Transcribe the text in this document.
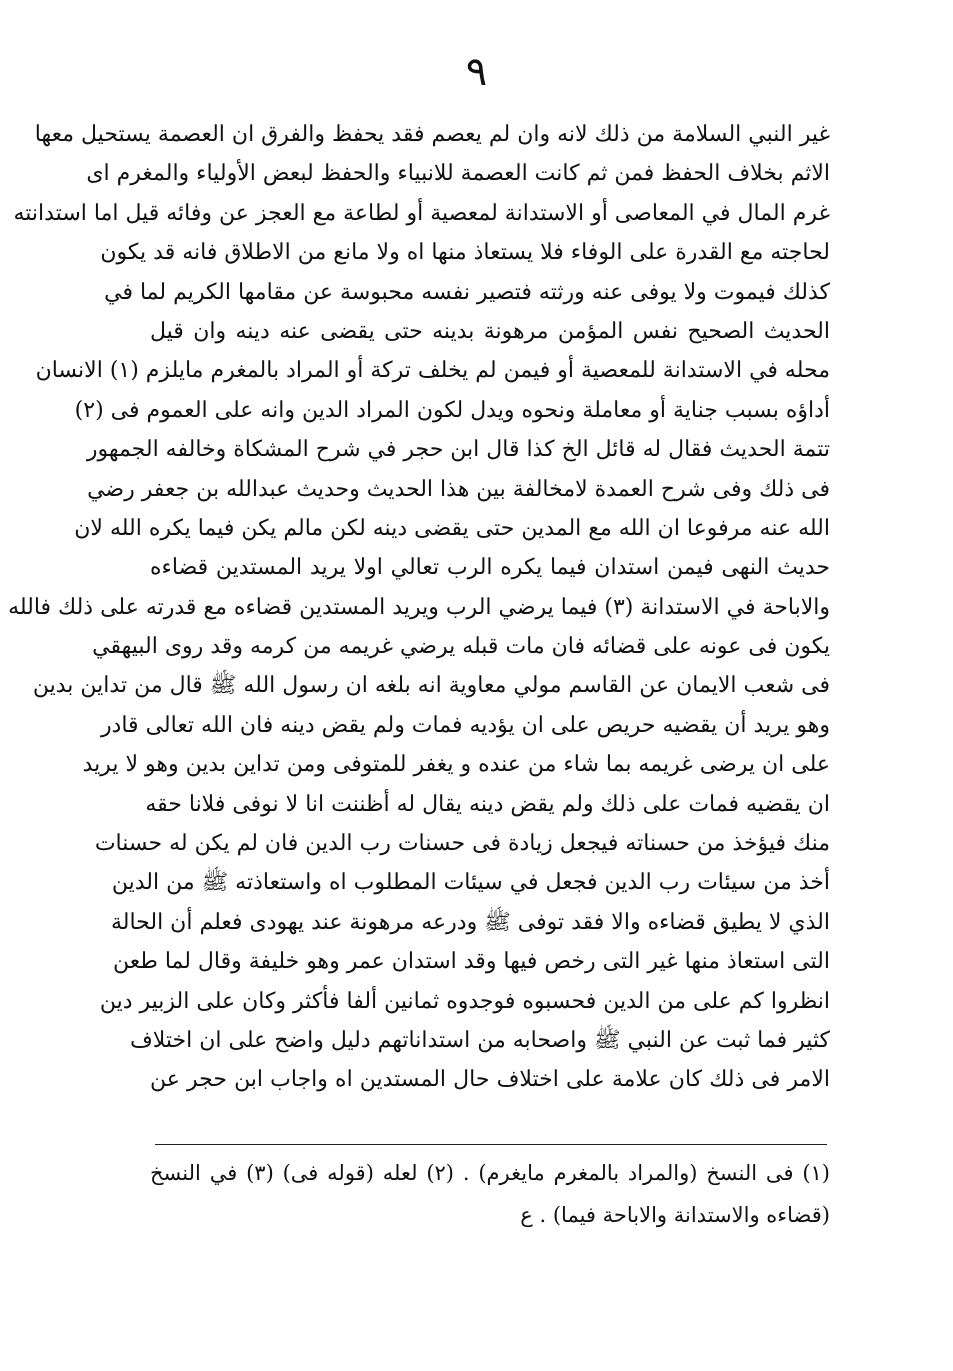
٩
غير النبي السلامة من ذلك لانه وان لم يعصم فقد يحفظ والفرق ان العصمة يستحيل معها
الاثم بخلاف الحفظ فمن ثم كانت العصمة للانبياء والحفظ لبعض الأولياء والمغرم اى
غرم المال في المعاصى أو الاستدانة لمعصية أو لطاعة مع العجز عن وفائه قيل اما استدانته
لحاجته مع القدرة على الوفاء فلا يستعاذ منها اه ولا مانع من الاطلاق فانه قد يكون
كذلك فيموت ولا يوفى عنه ورثته فتصير نفسه محبوسة عن مقامها الكريم لما في
الحديث الصحيح نفس المؤمن مرهونة بدينه حتى يقضى عنه دينه وان قيل
محله في الاستدانة للمعصية أو فيمن لم يخلف تركة أو المراد بالمغرم مايلزم (١) الانسان
أداؤه بسبب جناية أو معاملة ونحوه ويدل لكون المراد الدين وانه على العموم فى (٢)
تتمة الحديث فقال له قائل الخ كذا قال ابن حجر في شرح المشكاة وخالفه الجمهور
فى ذلك وفى شرح العمدة لامخالفة بين هذا الحديث وحديث عبدالله بن جعفر رضي
الله عنه مرفوعا ان الله مع المدين حتى يقضى دينه لكن مالم يكن فيما يكره الله لان
حديث النهى فيمن استدان فيما يكره الرب تعالي اولا يريد المستدين قضاءه
والاباحة في الاستدانة (٣) فيما يرضي الرب ويريد المستدين قضاءه مع قدرته على ذلك فالله
يكون فى عونه على قضائه فان مات قبله يرضي غريمه من كرمه وقد روى البيهقي
فى شعب الايمان عن القاسم مولي معاوية انه بلغه ان رسول الله ﷺ قال من تداين بدين
وهو يريد أن يقضيه حريص على ان يؤديه فمات ولم يقض دينه فان الله تعالى قادر
على ان يرضى غريمه بما شاء من عنده و يغفر للمتوفى ومن تداين بدين وهو لا يريد
ان يقضيه فمات على ذلك ولم يقض دينه يقال له أظننت انا لا نوفى فلانا حقه
منك فيؤخذ من حسناته فيجعل زيادة فى حسنات رب الدين فان لم يكن له حسنات
أخذ من سيئات رب الدين فجعل في سيئات المطلوب اه واستعاذته ﷺ من الدين
الذي لا يطيق قضاءه والا فقد توفى ﷺ ودرعه مرهونة عند يهودى فعلم أن الحالة
التى استعاذ منها غير التى رخص فيها وقد استدان عمر وهو خليفة وقال لما طعن
انظروا كم على من الدين فحسبوه فوجدوه ثمانين ألفا فأكثر وكان على الزبير دين
كثير فما ثبت عن النبي ﷺ واصحابه من استداناتهم دليل واضح على ان اختلاف
الامر فى ذلك كان علامة على اختلاف حال المستدين اه واجاب ابن حجر عن
(١) فى النسخ (والمراد بالمغرم مايغرم) . (٢) لعله (قوله فى) (٣) في النسخ
(قضاءه والاستدانة والاباحة فيما) . ع
